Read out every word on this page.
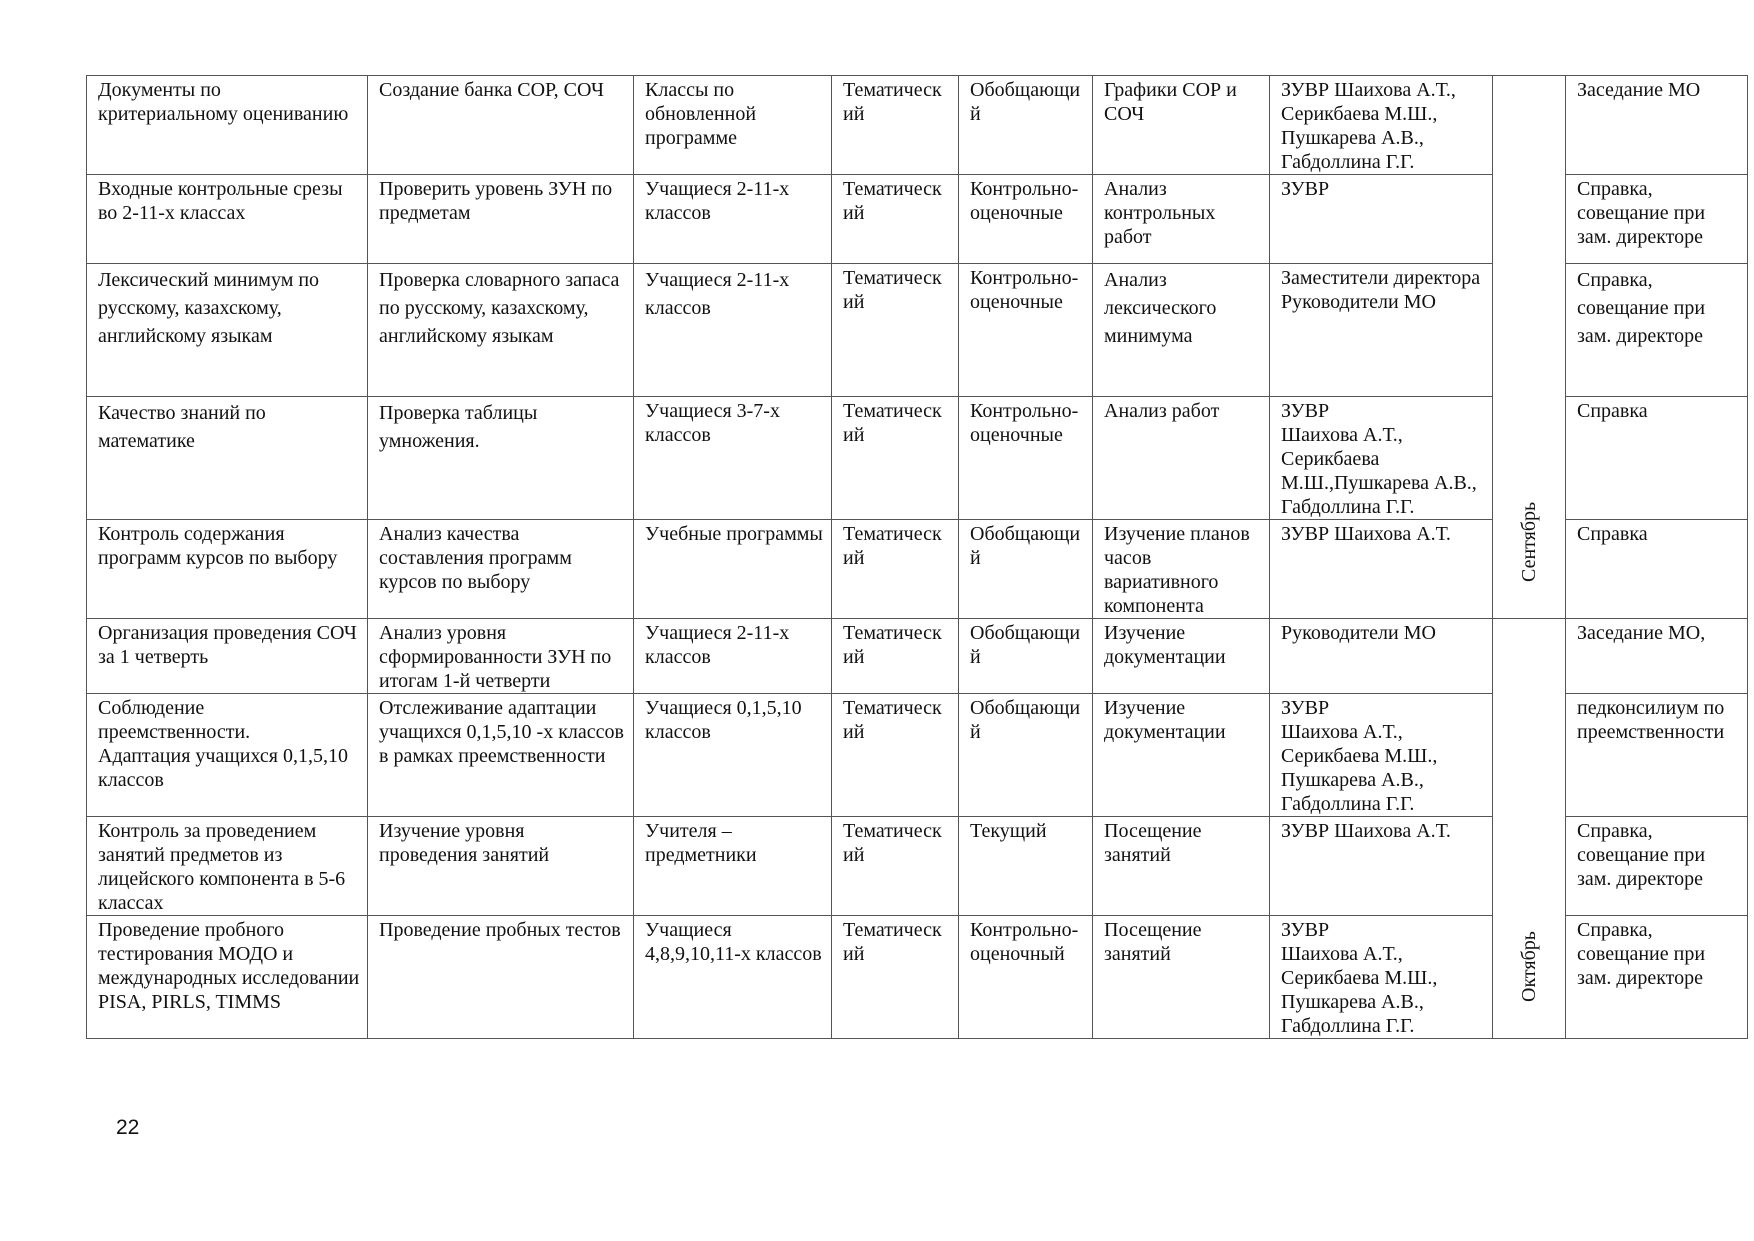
Документы по критериальному оцениванию	Создание банка СОР, СОЧ	Классы по обновленной программе	Тематический	Обобщающий	Графики СОР и СОЧ	ЗУВР Шаихова А.Т.,
Серикбаева М.Ш.,
Пушкарева А.В.,
Габдоллина Г.Г.	Сентябрь	Заседание МО
Входные контрольные срезы во 2-11-х классах	Проверить уровень ЗУН по предметам	Учащиеся 2-11-х классов	Тематический	Контрольно-оценочные	Анализ контрольных работ	ЗУВР		Справка, совещание при зам. директоре
Лексический минимум по русскому, казахскому, английскому языкам	Проверка словарного запаса по русскому, казахскому, английскому языкам	Учащиеся 2-11-х классов	Тематический	Контрольно-оценочные	Анализ лексического минимума	Заместители директора
Руководители МО		Справка, совещание при зам. директоре
Качество знаний по математике	Проверка таблицы умножения.	Учащиеся 3-7-х классов	Тематический	Контрольно-оценочные	Анализ работ	ЗУВР
Шаихова А.Т.,
Серикбаева М.Ш.,Пушкарева А.В., Габдоллина Г.Г.		Справка
Контроль содержания программ курсов по выбору	Анализ качества составления программ курсов по выбору	Учебные программы	Тематический	Обобщающий	Изучение планов часов вариативного компонента	ЗУВР Шаихова А.Т.		Справка
Организация проведения СОЧ за 1 четверть	Анализ уровня сформированности ЗУН по итогам 1-й четверти	Учащиеся 2-11-х классов	Тематический	Обобщающий	Изучение документации	Руководители МО	Октябрь	Заседание МО,
Соблюдение преемственности.
Адаптация учащихся 0,1,5,10 классов	Отслеживание адаптации учащихся 0,1,5,10 -х классов в рамках преемственности	Учащиеся 0,1,5,10 классов	Тематический	Обобщающий	Изучение документации	ЗУВР
Шаихова А.Т.,
Серикбаева М.Ш.,
Пушкарева А.В.,
Габдоллина Г.Г.		педконсилиум по преемственности
Контроль за проведением занятий предметов из лицейского компонента в 5-6 классах	Изучение уровня проведения занятий	Учителя – предметники	Тематический	Текущий	Посещение занятий	ЗУВР Шаихова А.Т.		Справка, совещание при зам. директоре
Проведение пробного тестирования МОДО и международных исследовании PISA, PIRLS, TIMMS	Проведение пробных тестов	Учащиеся 4,8,9,10,11-х классов	Тематический	Контрольно-оценочный	Посещение занятий	ЗУВР
Шаихова А.Т.,
Серикбаева М.Ш.,
Пушкарева А.В.,
Габдоллина Г.Г.		Справка, совещание при зам. директоре
22
